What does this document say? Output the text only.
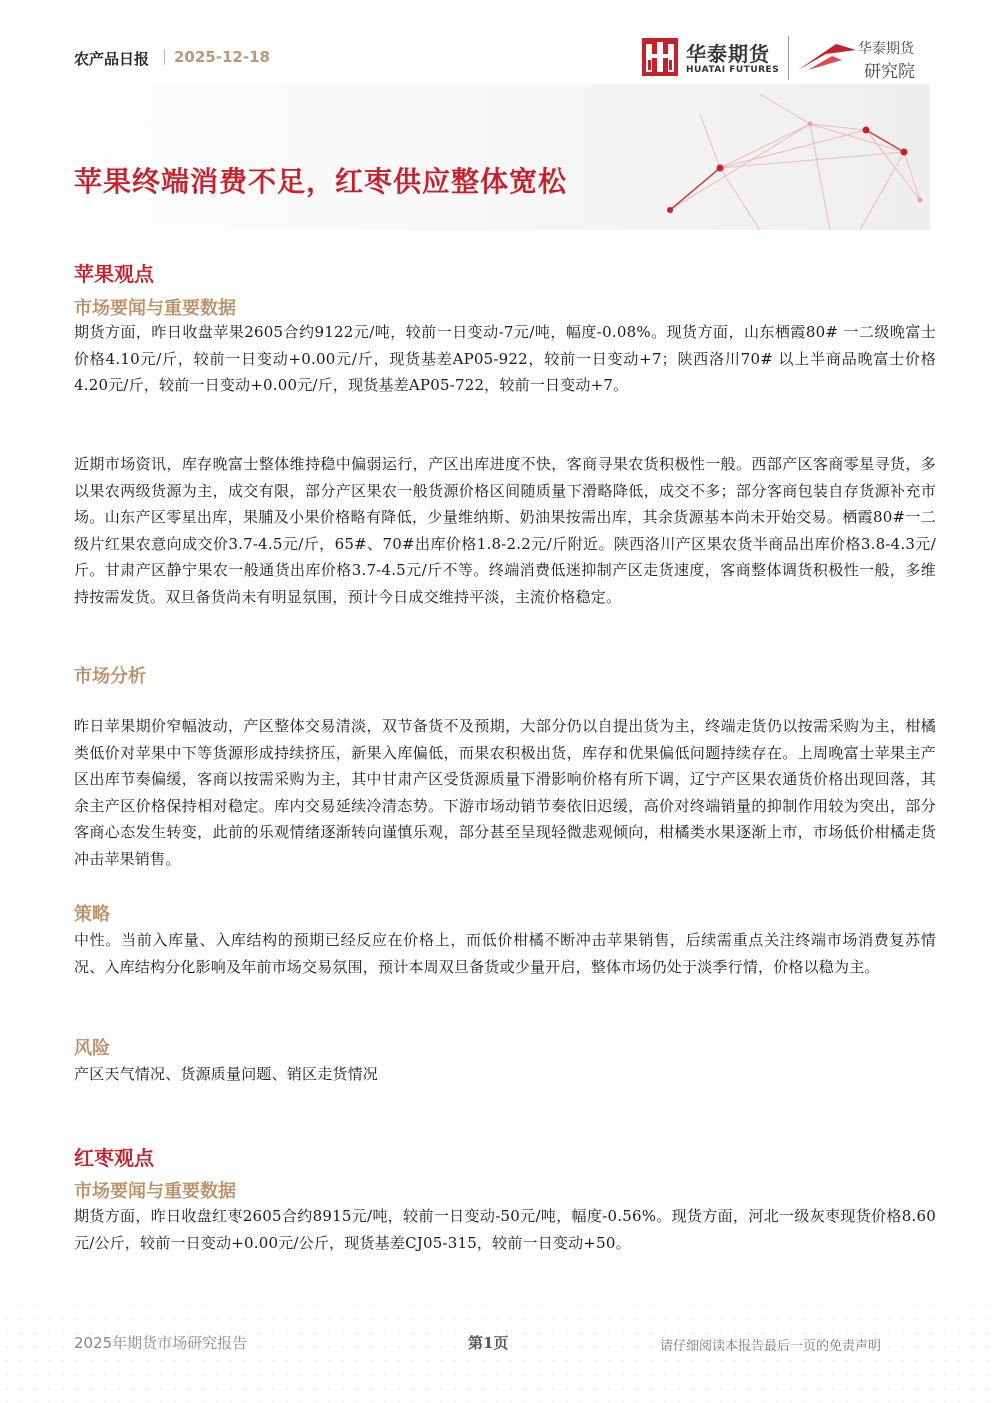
农产品日报 | 2025-12-18	华泰期货
HUATAI FUTURES
华泰期货
研究院
苹果终端消费不足，红枣供应整体宽松
苹果观点
市场要闻与重要数据
期货方面，昨日收盘苹果2605合约9122元/吨，较前一日变动-7元/吨，幅度-0.08%。现货方面，山东栖霞80# 一二级晚富士价格4.10元/斤，较前一日变动+0.00元/斤，现货基差AP05-922，较前一日变动+7；陕西洛川70# 以上半商品晚富士价格4.20元/斤，较前一日变动+0.00元/斤，现货基差AP05-722，较前一日变动+7。
近期市场资讯，库存晚富士整体维持稳中偏弱运行，产区出库进度不快，客商寻果农货积极性一般。西部产区客商零星寻货，多以果农两级货源为主，成交有限，部分产区果农一般货源价格区间随质量下滑略降低，成交不多；部分客商包装自存货源补充市场。山东产区零星出库，果脯及小果价格略有降低，少量维纳斯、奶油果按需出库，其余货源基本尚未开始交易。栖霞80#一二级片红果农意向成交价3.7-4.5元/斤，65#、70#出库价格1.8-2.2元/斤附近。陕西洛川产区果农货半商品出库价格3.8-4.3元/斤。甘肃产区静宁果农一般通货出库价格3.7-4.5元/斤不等。终端消费低迷抑制产区走货速度，客商整体调货积极性一般，多维持按需发货。双旦备货尚未有明显氛围，预计今日成交维持平淡，主流价格稳定。
市场分析
昨日苹果期价窄幅波动，产区整体交易清淡，双节备货不及预期，大部分仍以自提出货为主，终端走货仍以按需采购为主，柑橘类低价对苹果中下等货源形成持续挤压，新果入库偏低，而果农积极出货，库存和优果偏低问题持续存在。上周晚富士苹果主产区出库节奏偏缓，客商以按需采购为主，其中甘肃产区受货源质量下滑影响价格有所下调，辽宁产区果农通货价格出现回落，其余主产区价格保持相对稳定。库内交易延续冷清态势。下游市场动销节奏依旧迟缓，高价对终端销量的抑制作用较为突出，部分客商心态发生转变，此前的乐观情绪逐渐转向谨慎乐观，部分甚至呈现轻微悲观倾向，柑橘类水果逐渐上市，市场低价柑橘走货冲击苹果销售。
策略
中性。当前入库量、入库结构的预期已经反应在价格上，而低价柑橘不断冲击苹果销售，后续需重点关注终端市场消费复苏情况、入库结构分化影响及年前市场交易氛围，预计本周双旦备货或少量开启，整体市场仍处于淡季行情，价格以稳为主。
风险
产区天气情况、货源质量问题、销区走货情况
红枣观点
市场要闻与重要数据
期货方面，昨日收盘红枣2605合约8915元/吨，较前一日变动-50元/吨，幅度-0.56%。现货方面，河北一级灰枣现货价格8.60元/公斤，较前一日变动+0.00元/公斤，现货基差CJ05-315，较前一日变动+50。
2025年期货市场研究报告	第1页	请仔细阅读本报告最后一页的免责声明
